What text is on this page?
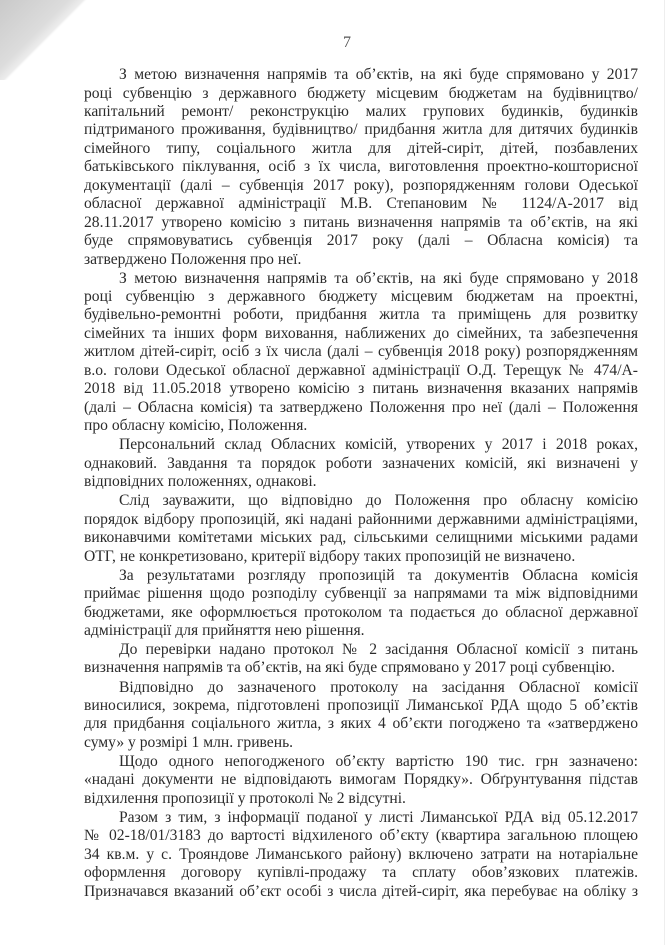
7
З метою визначення напрямів та об’єктів, на які буде спрямовано у 2017
році субвенцію з державного бюджету місцевим бюджетам на будівництво/
капітальний ремонт/ реконструкцію малих групових будинків, будинків
підтриманого проживання, будівництво/ придбання житла для дитячих будинків
сімейного типу, соціального житла для дітей-сиріт, дітей, позбавлених
батьківського піклування, осіб з їх числа, виготовлення проектно-кошторисної
документації (далі – субвенція 2017 року), розпорядженням голови Одеської
обласної державної адміністрації М.В. Степановим № 1124/А-2017 від
28.11.2017 утворено комісію з питань визначення напрямів та об’єктів, на які
буде спрямовуватись субвенція 2017 року (далі – Обласна комісія) та
затверджено Положення про неї.
З метою визначення напрямів та об’єктів, на які буде спрямовано у 2018
році субвенцію з державного бюджету місцевим бюджетам на проектні,
будівельно-ремонтні роботи, придбання житла та приміщень для розвитку
сімейних та інших форм виховання, наближених до сімейних, та забезпечення
житлом дітей-сиріт, осіб з їх числа (далі – субвенція 2018 року) розпорядженням
в.о. голови Одеської обласної державної адміністрації О.Д. Терещук № 474/А-
2018 від 11.05.2018 утворено комісію з питань визначення вказаних напрямів
(далі – Обласна комісія) та затверджено Положення про неї (далі – Положення
про обласну комісію, Положення.
Персональний склад Обласних комісій, утворених у 2017 і 2018 роках,
однаковий. Завдання та порядок роботи зазначених комісій, які визначені у
відповідних положеннях, однакові.
Слід зауважити, що відповідно до Положення про обласну комісію
порядок відбору пропозицій, які надані районними державними адміністраціями,
виконавчими комітетами міських рад, сільськими селищними міськими радами
ОТГ, не конкретизовано, критерії відбору таких пропозицій не визначено.
За результатами розгляду пропозицій та документів Обласна комісія
приймає рішення щодо розподілу субвенції за напрямами та між відповідними
бюджетами, яке оформлюється протоколом та подається до обласної державної
адміністрації для прийняття нею рішення.
До перевірки надано протокол № 2 засідання Обласної комісії з питань
визначення напрямів та об’єктів, на які буде спрямовано у 2017 році субвенцію.
Відповідно до зазначеного протоколу на засідання Обласної комісії
виносилися, зокрема, підготовлені пропозиції Лиманської РДА щодо 5 об’єктів
для придбання соціального житла, з яких 4 об’єкти погоджено та «затверджено
суму» у розмірі 1 млн. гривень.
Щодо одного непогодженого об’єкту вартістю 190 тис. грн зазначено:
«надані документи не відповідають вимогам Порядку». Обґрунтування підстав
відхилення пропозиції у протоколі № 2 відсутні.
Разом з тим, з інформації поданої у листі Лиманської РДА від 05.12.2017
№ 02-18/01/3183 до вартості відхиленого об’єкту (квартира загальною площею
34 кв.м. у с. Трояндове Лиманського району) включено затрати на нотаріальне
оформлення договору купівлі-продажу та сплату обов’язкових платежів.
Призначався вказаний об’єкт особі з числа дітей-сиріт, яка перебуває на обліку з
